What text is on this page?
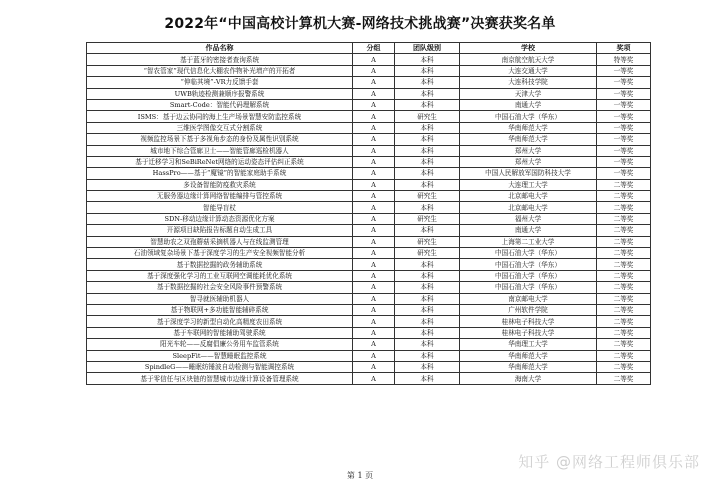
2022年“中国高校计算机大赛-网络技术挑战赛”决赛获奖名单
作品名称	分组	团队级别	学校	奖项
基于蓝牙的密接者查询系统	A	本科	南京航空航天大学	特等奖
“智农管家”现代信息化大棚农作物补光增产的开拓者	A	本科	大连交通大学	一等奖
“伸临其境”-VR力反馈手套	A	本科	大连科技学院	一等奖
UWB轨迹检测兼顺序报警系统	A	本科	天津大学	一等奖
Smart-Code：智能代码理解系统	A	本科	南通大学	一等奖
ISMS：基于边云协同的海上生产场景智慧安防监控系统	A	研究生	中国石油大学（华东）	一等奖
三维医学图像交互式分割系统	A	本科	华南师范大学	一等奖
视频监控场景下基于多视角步态的身份及属性识别系统	A	本科	华南师范大学	一等奖
城市地下综合管廊卫士——智能管廊巡检机器人	A	本科	郑州大学	一等奖
基于迁移学习和SeBiReNet网络的运动姿态评估纠正系统	A	本科	郑州大学	一等奖
HassPro——基于“魔镜”的智能家庭助手系统	A	本科	中国人民解放军国防科技大学	一等奖
多设备智能防疫救灾系统	A	本科	大连理工大学	二等奖
无服务器边缘计算网络智能编排与管控系统	A	研究生	北京邮电大学	二等奖
智能导盲杖	A	本科	北京邮电大学	二等奖
SDN-移动边缘计算动态资源优化方案	A	研究生	福州大学	二等奖
开源项目缺陷报告标题自动生成工具	A	本科	南通大学	二等奖
智慧助农之双孢蘑菇采摘机器人与在线监测管理	A	研究生	上海第二工业大学	二等奖
石油领域复杂场景下基于深度学习的生产安全视频智能分析	A	研究生	中国石油大学（华东）	二等奖
基于数据挖掘的政务辅助系统	A	本科	中国石油大学（华东）	二等奖
基于深度强化学习的工业互联网空调能耗优化系统	A	本科	中国石油大学（华东）	二等奖
基于数据挖掘的社会安全风险事件预警系统	A	本科	中国石油大学（华东）	二等奖
智寻就医辅助机器人	A	本科	南京邮电大学	二等奖
基于物联网+多功能智能辅碎系统	A	本科	广州软件学院	二等奖
基于深度学习的新型自动化高精度农田系统	A	本科	桂林电子科技大学	二等奖
基于车联网的智能辅助驾驶系统	A	本科	桂林电子科技大学	二等奖
阳光车轮——反腐倡廉公务用车监管系统	A	本科	华南理工大学	二等奖
SleepFit——智慧睡眠监控系统	A	本科	华南师范大学	二等奖
SpindleG——睡眠纺锤波自动检测与智能调控系统	A	本科	华南师范大学	二等奖
基于零信任与区块链的智慧城市边缘计算设备管理系统	A	本科	海南大学	二等奖
知乎 @网络工程师俱乐部
第 1 页
